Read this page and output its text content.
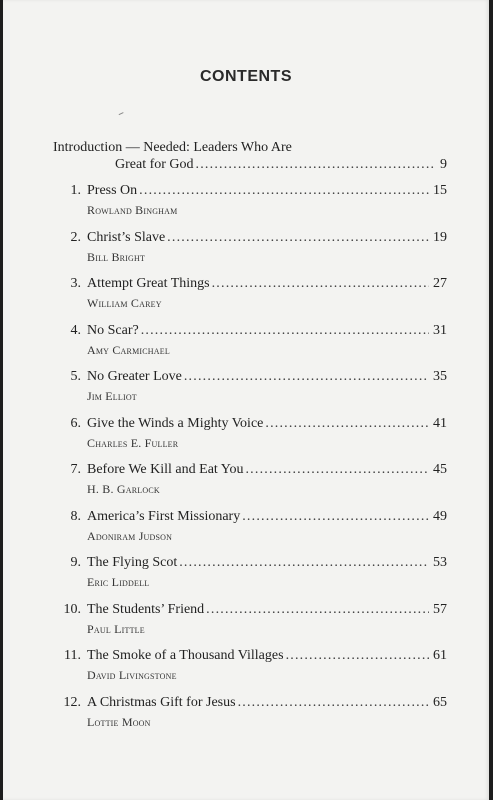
CONTENTS
Introduction — Needed: Leaders Who Are
Great for God .....	9
1. Press On .....	15
Rowland Bingham
2. Christ’s Slave .....	19
Bill Bright
3. Attempt Great Things .....	27
William Carey
4. No Scar? .....	31
Amy Carmichael
5. No Greater Love .....	35
Jim Elliot
6. Give the Winds a Mighty Voice .....	41
Charles E. Fuller
7. Before We Kill and Eat You .....	45
H. B. Garlock
8. America’s First Missionary .....	49
Adoniram Judson
9. The Flying Scot .....	53
Eric Liddell
10. The Students’ Friend .....	57
Paul Little
11. The Smoke of a Thousand Villages .....	61
David Livingstone
12. A Christmas Gift for Jesus .....	65
Lottie Moon
